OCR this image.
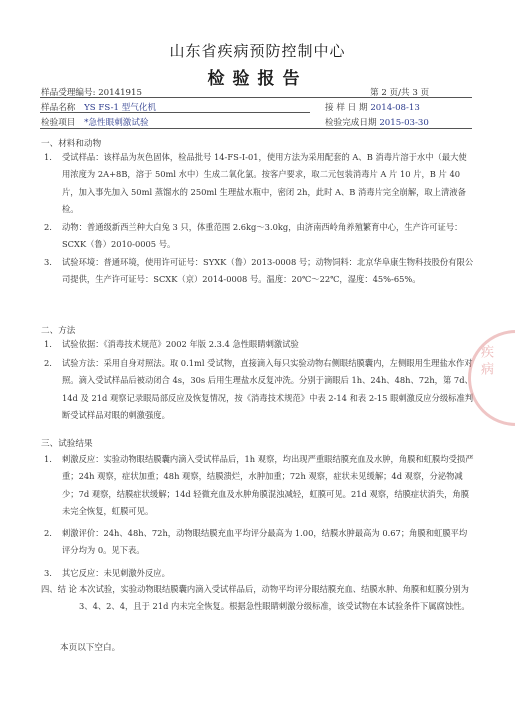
山东省疾病预防控制中心
检验报告
样品受理编号: 20141915	第 2 页/共 3 页
样品名称 YS FS-1 型气化机	接 样 日 期 2014-08-13
检验项目 *急性眼刺激试验	检验完成日期 2015-03-30
一、材料和动物
1. 受试样品：该样品为灰色固体，检品批号 14-FS-I-01，使用方法为采用配套的 A、B 消毒片溶于水中（最大使用浓度为 2A+8B，溶于 50ml 水中）生成二氧化氯。按客户要求，取二元包装消毒片 A 片 10 片，B 片 40 片，加入事先加入 50ml 蒸馏水的 250ml 生理盐水瓶中，密闭 2h，此时 A、B 消毒片完全崩解，取上清液备检。
2. 动物：普通级新西兰种大白兔 3 只，体重范围 2.6kg～3.0kg，由济南西岭角养殖繁育中心，生产许可证号：SCXK（鲁）2010-0005 号。
3. 试验环境：普通环境，使用许可证号：SYXK（鲁）2013-0008 号；动物饲料：北京华阜康生物科技股份有限公司提供，生产许可证号：SCXK（京）2014-0008 号。温度：20℃～22℃，湿度：45%-65%。
二、方法
1. 试验依据：《消毒技术规范》2002 年版 2.3.4 急性眼睛刺激试验
2. 试验方法：采用自身对照法。取 0.1ml 受试物，直接滴入每只实验动物右侧眼结膜囊内，左侧眼用生理盐水作对照。滴入受试样品后被动闭合 4s，30s 后用生理盐水反复冲洗。分别于滴眼后 1h、24h、48h、72h，第 7d、14d 及 21d 观察记录眼局部反应及恢复情况，按《消毒技术规范》中表 2-14 和表 2-15 眼刺激反应分级标准判断受试样品对眼的刺激强度。
三、试验结果
1. 刺激反应：实验动物眼结膜囊内滴入受试样品后，1h 观察，均出现严重眼结膜充血及水肿，角膜和虹膜均受损严重；24h 观察，症状加重；48h 观察，结膜溃烂，水肿加重；72h 观察，症状未见缓解；4d 观察，分泌物减少；7d 观察，结膜症状缓解；14d 轻微充血及水肿角膜混浊减轻，虹膜可见。21d 观察，结膜症状消失，角膜未完全恢复，虹膜可见。
2. 刺激评价：24h、48h、72h，动物眼结膜充血平均评分最高为 1.00，结膜水肿最高为 0.67；角膜和虹膜平均评分均为 0。见下表。
3. 其它反应：未见刺激外反应。
四、结 论 本次试验，实验动物眼结膜囊内滴入受试样品后，动物平均评分眼结膜充血、结膜水肿、角膜和虹膜分别为 3、4、2、4，且于 21d 内未完全恢复。根据急性眼睛刺激分级标准，该受试物在本试验条件下属腐蚀性。
本页以下空白。
疾病
